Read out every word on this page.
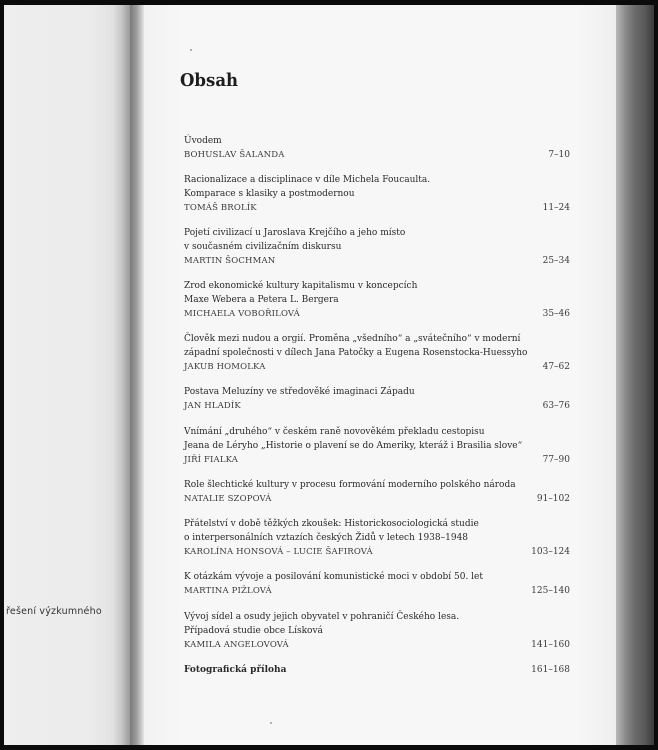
řešení výzkumného
Obsah
Úvodem
BOHUSLAV ŠALANDA	7–10
Racionalizace a disciplinace v díle Michela Foucaulta.
Komparace s klasiky a postmodernou
TOMÁŠ BROLÍK	11–24
Pojetí civilizací u Jaroslava Krejčího a jeho místo
v současném civilizačním diskursu
MARTIN ŠOCHMAN	25–34
Zrod ekonomické kultury kapitalismu v koncepcích
Maxe Webera a Petera L. Bergera
MICHAELA VOBOŘILOVÁ	35–46
Člověk mezi nudou a orgií. Proměna „všedního“ a „svátečního“ v moderní
západní společnosti v dílech Jana Patočky a Eugena Rosenstocka-Huessyho
JAKUB HOMOLKA	47–62
Postava Meluzíny ve středověké imaginaci Západu
JAN HLADÍK	63–76
Vnímání „druhého“ v českém raně novověkém překladu cestopisu
Jeana de Léryho „Historie o plavení se do Ameriky, kteráž i Brasilia slove“
JIŘÍ FIALKA	77–90
Role šlechtické kultury v procesu formování moderního polského národa
NATALIE SZOPOVÁ	91–102
Přátelství v době těžkých zkoušek: Historickosociologická studie
o interpersonálních vztazích českých Židů v letech 1938–1948
KAROLÍNA HONSOVÁ – LUCIE ŠAFIROVÁ	103–124
K otázkám vývoje a posilování komunistické moci v období 50. let
MARTINA PIŽLOVÁ	125–140
Vývoj sídel a osudy jejich obyvatel v pohraničí Českého lesa.
Případová studie obce Lísková
KAMILA ANGELOVOVÁ	141–160
Fotografická příloha	161–168
